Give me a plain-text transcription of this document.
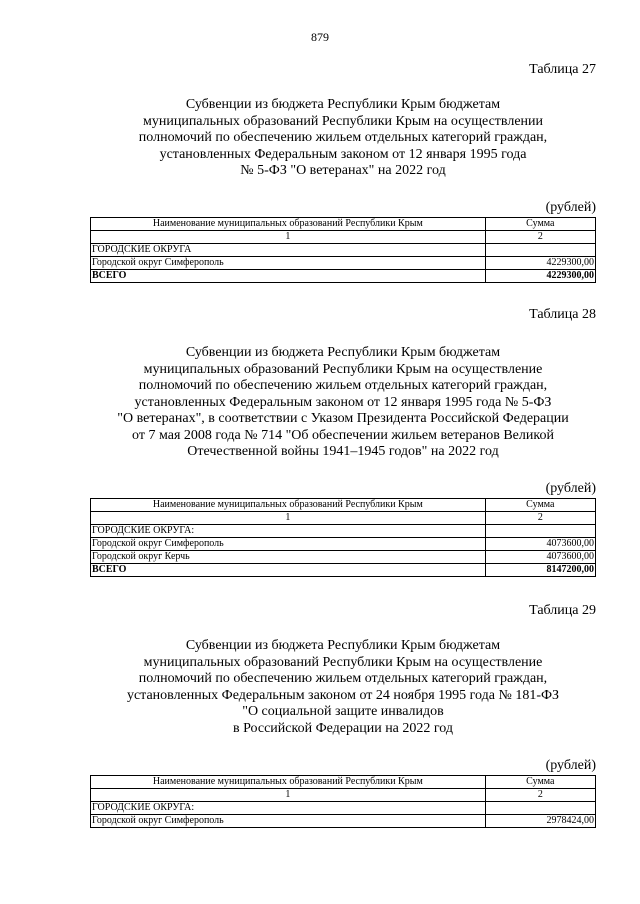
879
Таблица 27
Субвенции из бюджета Республики Крым бюджетам
муниципальных образований Республики Крым на осуществлении
полномочий по обеспечению жильем отдельных категорий граждан,
установленных Федеральным законом от 12 января 1995 года
№ 5-ФЗ "О ветеранах" на 2022 год
(рублей)
Наименование муниципальных образований Республики Крым	Сумма
1	2
ГОРОДСКИЕ ОКРУГА	
Городской округ Симферополь	4229300,00
ВСЕГО	4229300,00
Таблица 28
Субвенции из бюджета Республики Крым бюджетам
муниципальных образований Республики Крым на осуществление
полномочий по обеспечению жильем отдельных категорий граждан,
установленных Федеральным законом от 12 января 1995 года № 5-ФЗ
"О ветеранах", в соответствии с Указом Президента Российской Федерации
от 7 мая 2008 года № 714 "Об обеспечении жильем ветеранов Великой
Отечественной войны 1941–1945 годов" на 2022 год
(рублей)
Наименование муниципальных образований Республики Крым	Сумма
1	2
ГОРОДСКИЕ ОКРУГА:	
Городской округ Симферополь	4073600,00
Городской округ Керчь	4073600,00
ВСЕГО	8147200,00
Таблица 29
Субвенции из бюджета Республики Крым бюджетам
муниципальных образований Республики Крым на осуществление
полномочий по обеспечению жильем отдельных категорий граждан,
установленных Федеральным законом от 24 ноября 1995 года № 181-ФЗ
"О социальной защите инвалидов
в Российской Федерации на 2022 год
(рублей)
Наименование муниципальных образований Республики Крым	Сумма
1	2
ГОРОДСКИЕ ОКРУГА:	
Городской округ Симферополь	2978424,00
